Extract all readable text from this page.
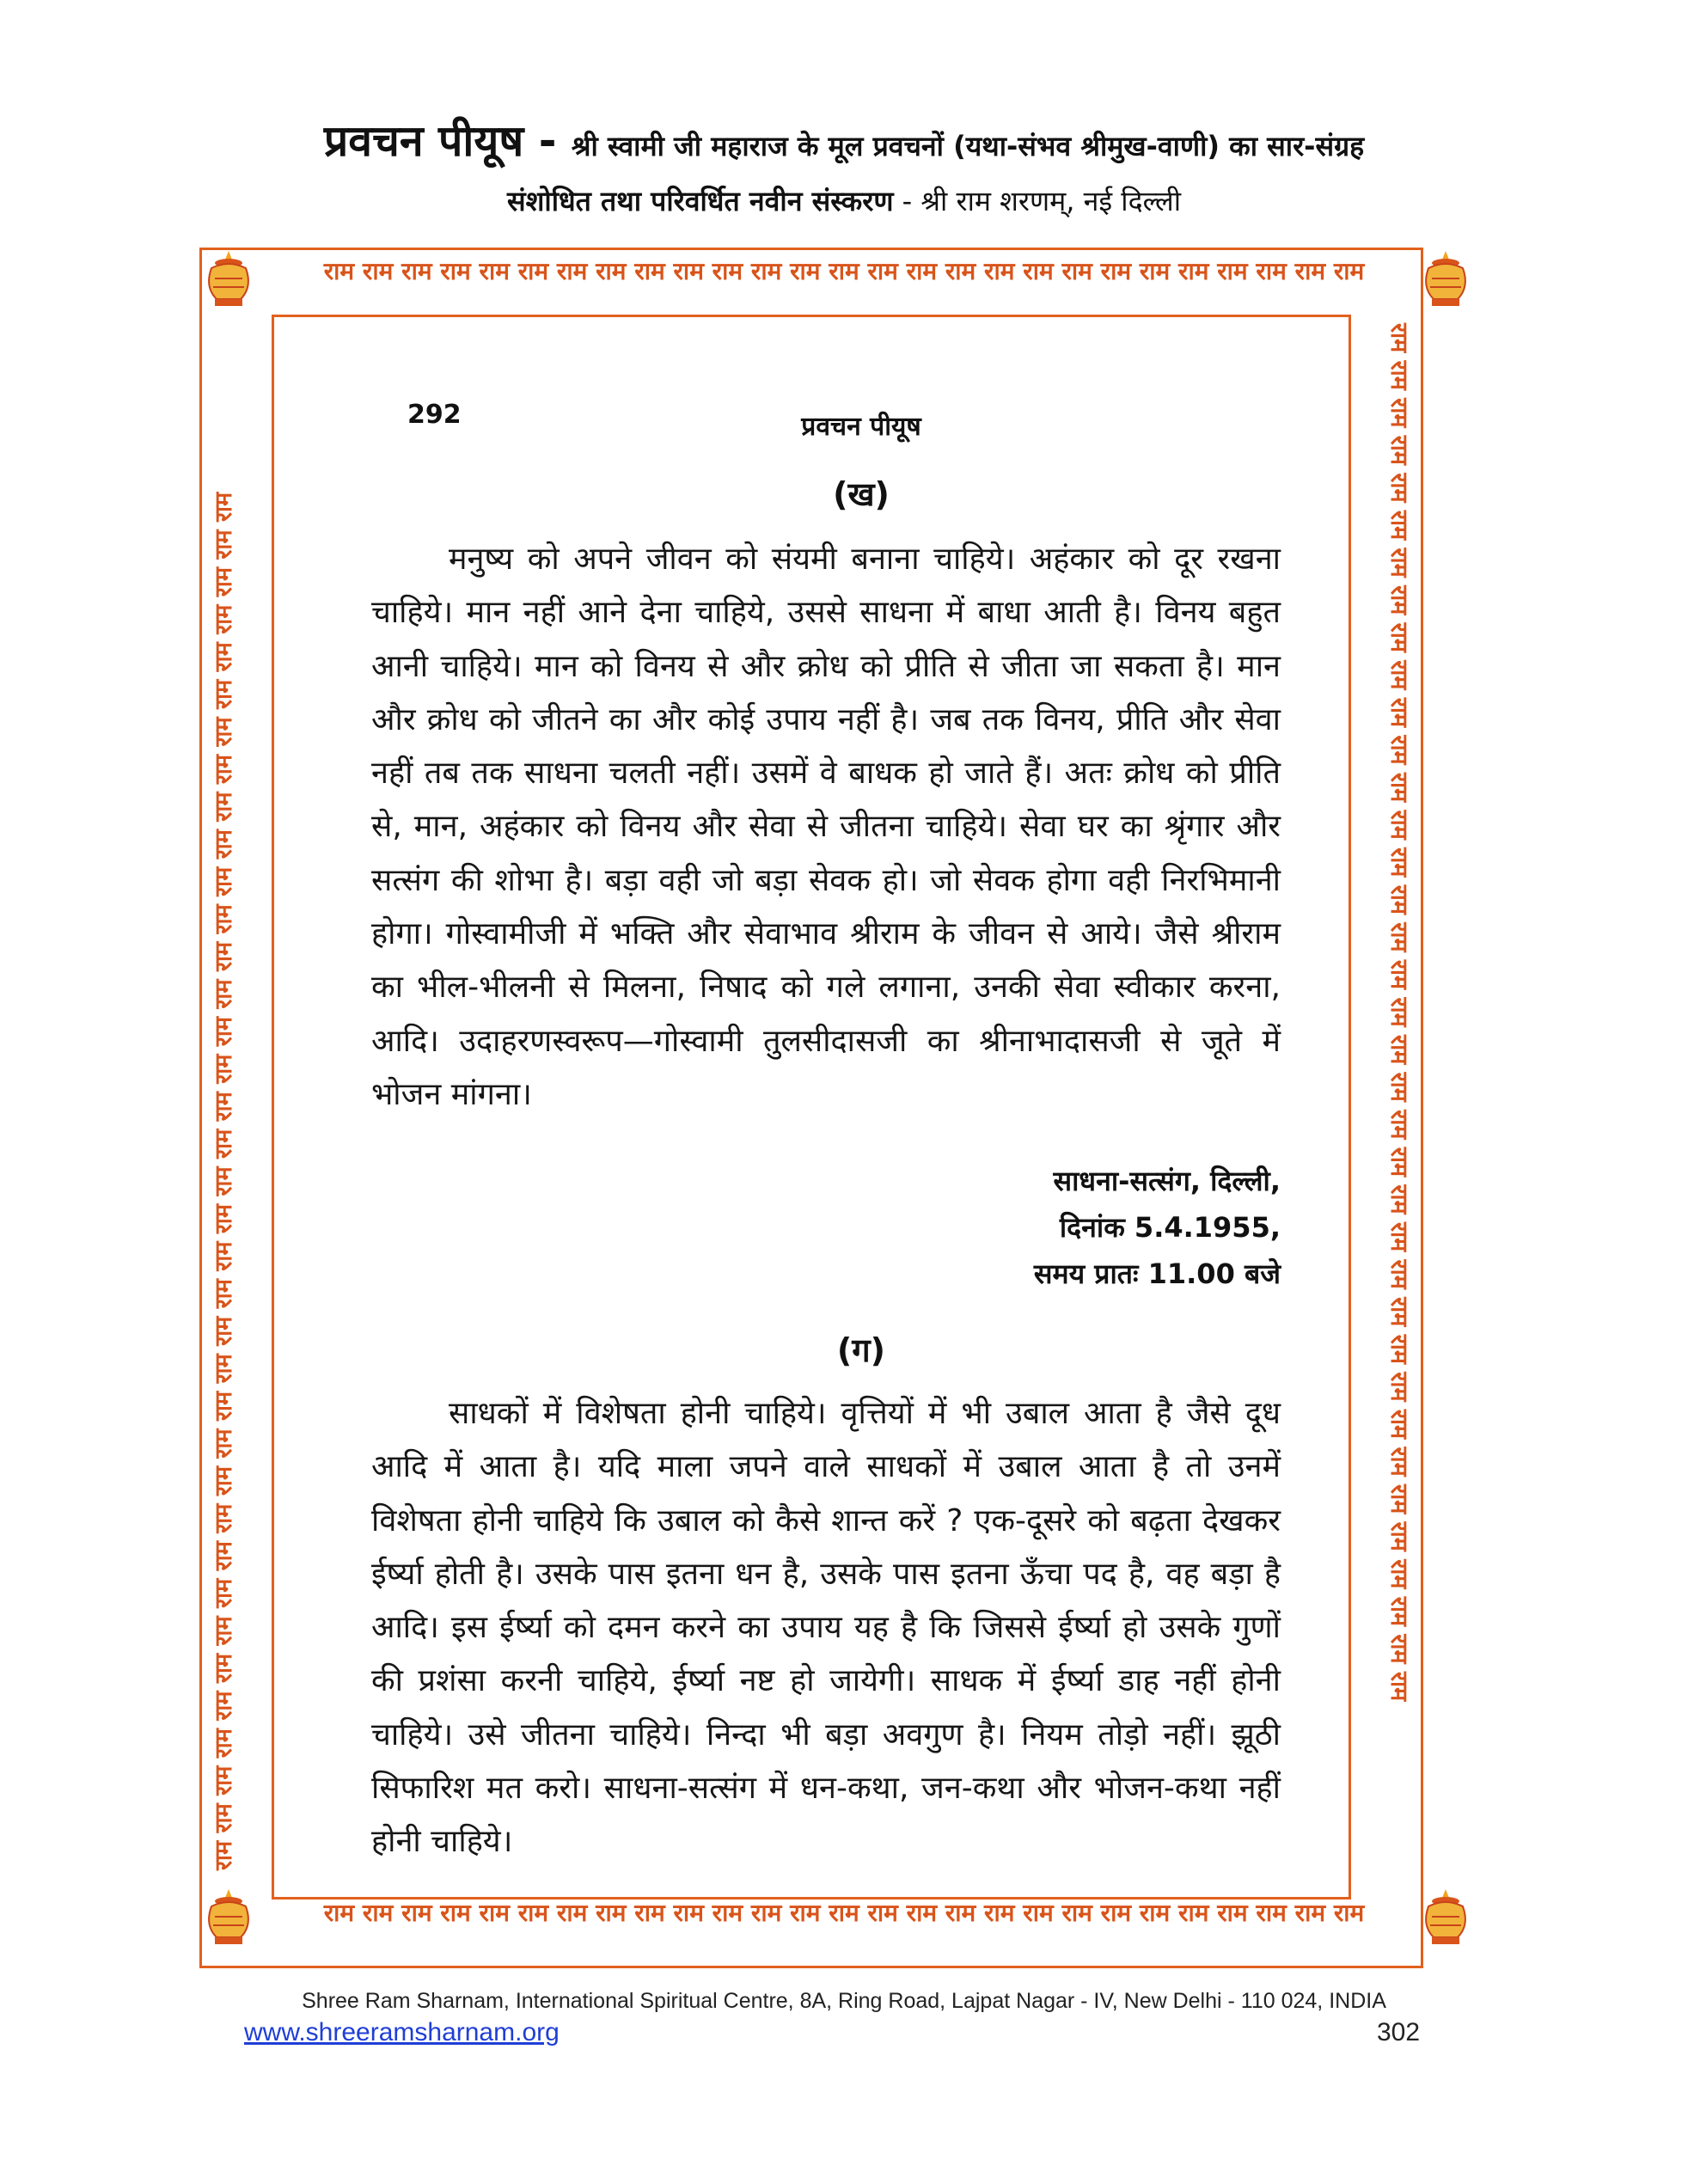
प्रवचन पीयूष - श्री स्वामी जी महाराज के मूल प्रवचनों (यथा-संभव श्रीमुख-वाणी) का सार-संग्रह
संशोधित तथा परिवर्धित नवीन संस्करण - श्री राम शरणम्, नई दिल्ली
राम राम राम राम राम राम राम राम राम राम राम राम राम राम राम राम राम राम राम राम राम राम राम राम राम राम राम
राम राम राम राम राम राम राम राम राम राम राम राम राम राम राम राम राम राम राम राम राम राम राम राम राम राम राम
राम राम राम राम राम राम राम राम राम राम राम राम राम राम राम राम राम राम राम राम राम राम राम राम राम राम राम राम राम राम राम राम राम राम राम राम राम	राम राम राम राम राम राम राम राम राम राम राम राम राम राम राम राम राम राम राम राम राम राम राम राम राम राम राम राम राम राम राम राम राम राम राम राम राम
292	प्रवचन पीयूष
(ख)

मनुष्य को अपने जीवन को संयमी बनाना चाहिये। अहंकार को दूर रखना चाहिये। मान नहीं आने देना चाहिये, उससे साधना में बाधा आती है। विनय बहुत आनी चाहिये। मान को विनय से और क्रोध को प्रीति से जीता जा सकता है। मान और क्रोध को जीतने का और कोई उपाय नहीं है। जब तक विनय, प्रीति और सेवा नहीं तब तक साधना चलती नहीं। उसमें वे बाधक हो जाते हैं। अतः क्रोध को प्रीति से, मान, अहंकार को विनय और सेवा से जीतना चाहिये। सेवा घर का श्रृंगार और सत्संग की शोभा है। बड़ा वही जो बड़ा सेवक हो। जो सेवक होगा वही निरभिमानी होगा। गोस्वामीजी में भक्ति और सेवाभाव श्रीराम के जीवन से आये। जैसे श्रीराम का भील-भीलनी से मिलना, निषाद को गले लगाना, उनकी सेवा स्वीकार करना, आदि। उदाहरणस्वरूप—गोस्वामी तुलसीदासजी का श्रीनाभादासजी से जूते में भोजन मांगना।

साधना-सत्संग, दिल्ली,
दिनांक 5.4.1955,
समय प्रातः 11.00 बजे
(ग)

साधकों में विशेषता होनी चाहिये। वृत्तियों में भी उबाल आता है जैसे दूध आदि में आता है। यदि माला जपने वाले साधकों में उबाल आता है तो उनमें विशेषता होनी चाहिये कि उबाल को कैसे शान्त करें ? एक-दूसरे को बढ़ता देखकर ईर्ष्या होती है। उसके पास इतना धन है, उसके पास इतना ऊँचा पद है, वह बड़ा है आदि। इस ईर्ष्या को दमन करने का उपाय यह है कि जिससे ईर्ष्या हो उसके गुणों की प्रशंसा करनी चाहिये, ईर्ष्या नष्ट हो जायेगी। साधक में ईर्ष्या डाह नहीं होनी चाहिये। उसे जीतना चाहिये। निन्दा भी बड़ा अवगुण है। नियम तोड़ो नहीं। झूठी सिफारिश मत करो। साधना-सत्संग में धन-कथा, जन-कथा और भोजन-कथा नहीं होनी चाहिये।

Shree Ram Sharnam, International Spiritual Centre, 8A, Ring Road, Lajpat Nagar - IV, New Delhi - 110 024, INDIA
www.shreeramsharnam.org	302
